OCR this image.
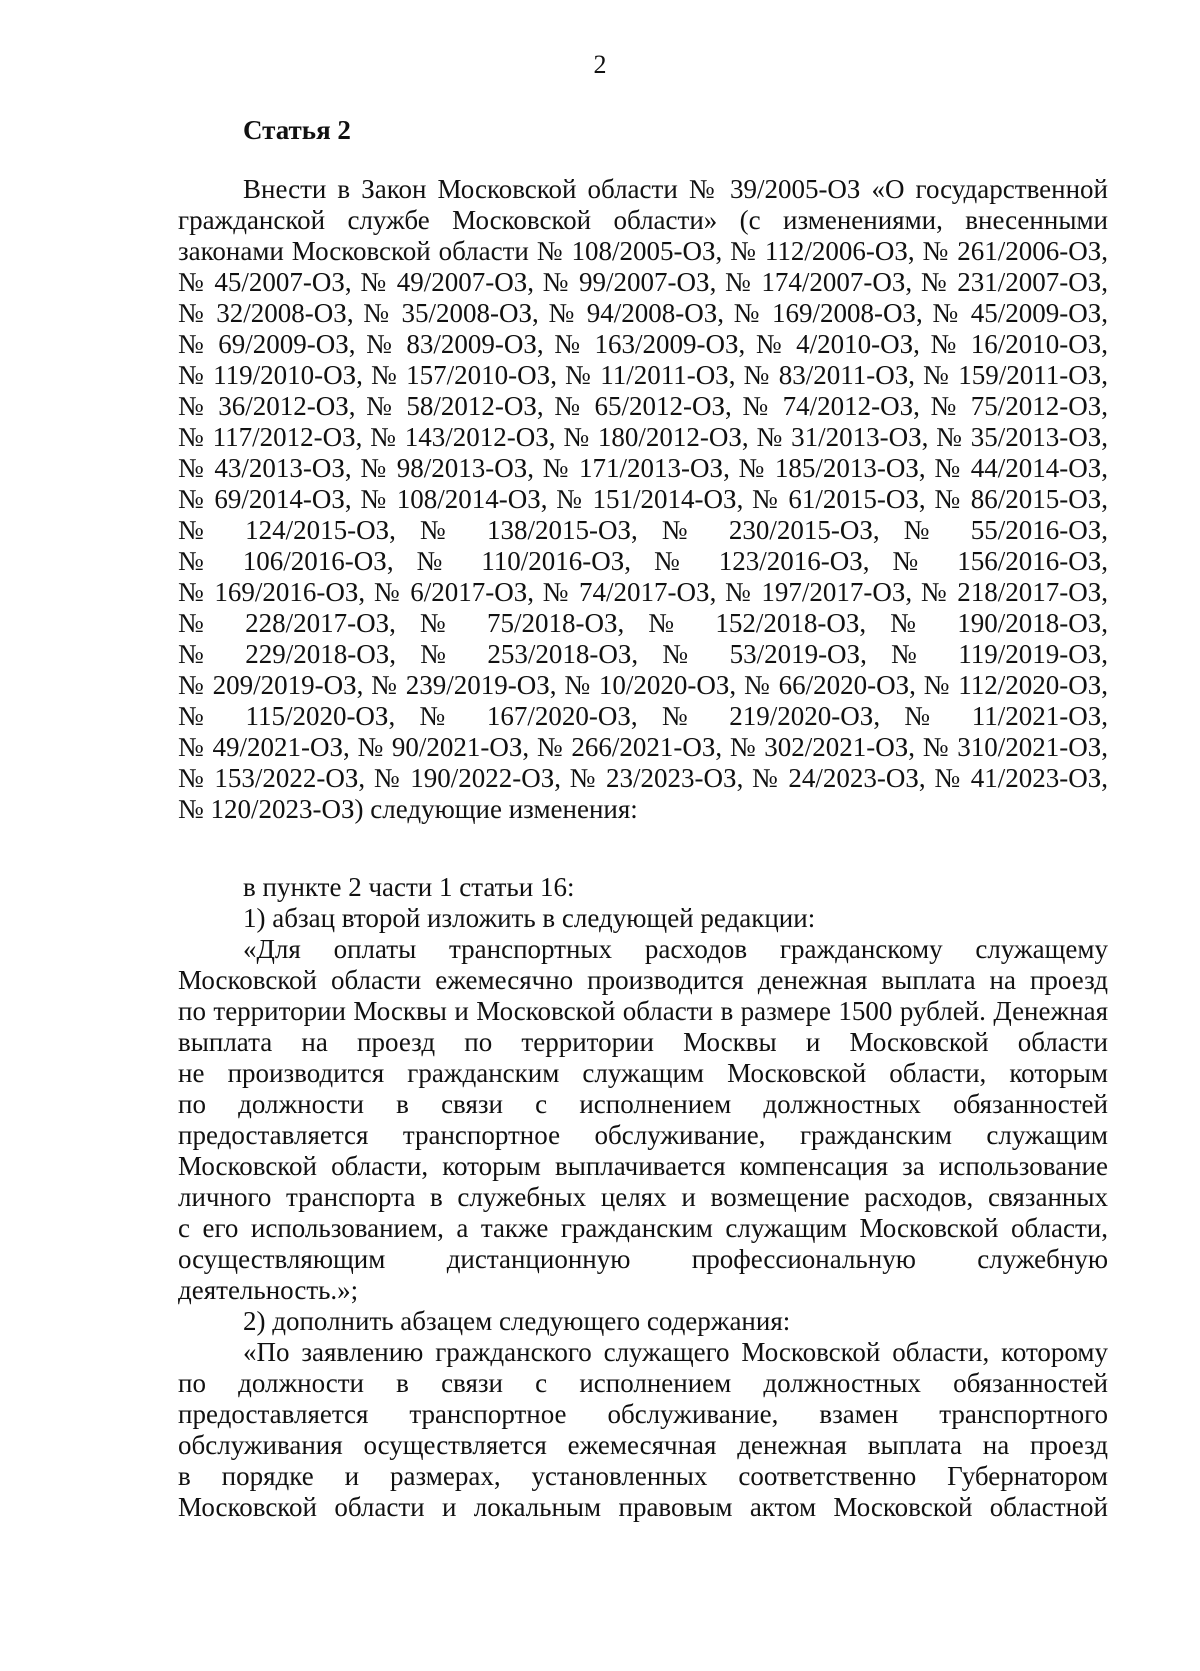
2
Статья 2
Внести в Закон Московской области № 39/2005-ОЗ «О государственной
гражданской службе Московской области» (с изменениями, внесенными
законами Московской области № 108/2005-ОЗ, № 112/2006-ОЗ, № 261/2006-ОЗ,
№ 45/2007-ОЗ, № 49/2007-ОЗ, № 99/2007-ОЗ, № 174/2007-ОЗ, № 231/2007-ОЗ,
№ 32/2008-ОЗ, № 35/2008-ОЗ, № 94/2008-ОЗ, № 169/2008-ОЗ, № 45/2009-ОЗ,
№ 69/2009-ОЗ, № 83/2009-ОЗ, № 163/2009-ОЗ, № 4/2010-ОЗ, № 16/2010-ОЗ,
№ 119/2010-ОЗ, № 157/2010-ОЗ, № 11/2011-ОЗ, № 83/2011-ОЗ, № 159/2011-ОЗ,
№ 36/2012-ОЗ, № 58/2012-ОЗ, № 65/2012-ОЗ, № 74/2012-ОЗ, № 75/2012-ОЗ,
№ 117/2012-ОЗ, № 143/2012-ОЗ, № 180/2012-ОЗ, № 31/2013-ОЗ, № 35/2013-ОЗ,
№ 43/2013-ОЗ, № 98/2013-ОЗ, № 171/2013-ОЗ, № 185/2013-ОЗ, № 44/2014-ОЗ,
№ 69/2014-ОЗ, № 108/2014-ОЗ, № 151/2014-ОЗ, № 61/2015-ОЗ, № 86/2015-ОЗ,
№ 124/2015-ОЗ, № 138/2015-ОЗ, № 230/2015-ОЗ, № 55/2016-ОЗ,
№ 106/2016-ОЗ, № 110/2016-ОЗ, № 123/2016-ОЗ, № 156/2016-ОЗ,
№ 169/2016-ОЗ, № 6/2017-ОЗ, № 74/2017-ОЗ, № 197/2017-ОЗ, № 218/2017-ОЗ,
№ 228/2017-ОЗ, № 75/2018-ОЗ, № 152/2018-ОЗ, № 190/2018-ОЗ,
№ 229/2018-ОЗ, № 253/2018-ОЗ, № 53/2019-ОЗ, № 119/2019-ОЗ,
№ 209/2019-ОЗ, № 239/2019-ОЗ, № 10/2020-ОЗ, № 66/2020-ОЗ, № 112/2020-ОЗ,
№ 115/2020-ОЗ, № 167/2020-ОЗ, № 219/2020-ОЗ, № 11/2021-ОЗ,
№ 49/2021-ОЗ, № 90/2021-ОЗ, № 266/2021-ОЗ, № 302/2021-ОЗ, № 310/2021-ОЗ,
№ 153/2022-ОЗ, № 190/2022-ОЗ, № 23/2023-ОЗ, № 24/2023-ОЗ, № 41/2023-ОЗ,
№ 120/2023-ОЗ) следующие изменения:
в пункте 2 части 1 статьи 16:
1) абзац второй изложить в следующей редакции:
«Для оплаты транспортных расходов гражданскому служащему
Московской области ежемесячно производится денежная выплата на проезд
по территории Москвы и Московской области в размере 1500 рублей. Денежная
выплата на проезд по территории Москвы и Московской области
не производится гражданским служащим Московской области, которым
по должности в связи с исполнением должностных обязанностей
предоставляется транспортное обслуживание, гражданским служащим
Московской области, которым выплачивается компенсация за использование
личного транспорта в служебных целях и возмещение расходов, связанных
с его использованием, а также гражданским служащим Московской области,
осуществляющим дистанционную профессиональную служебную
деятельность.»;
2) дополнить абзацем следующего содержания:
«По заявлению гражданского служащего Московской области, которому
по должности в связи с исполнением должностных обязанностей
предоставляется транспортное обслуживание, взамен транспортного
обслуживания осуществляется ежемесячная денежная выплата на проезд
в порядке и размерах, установленных соответственно Губернатором
Московской области и локальным правовым актом Московской областной
